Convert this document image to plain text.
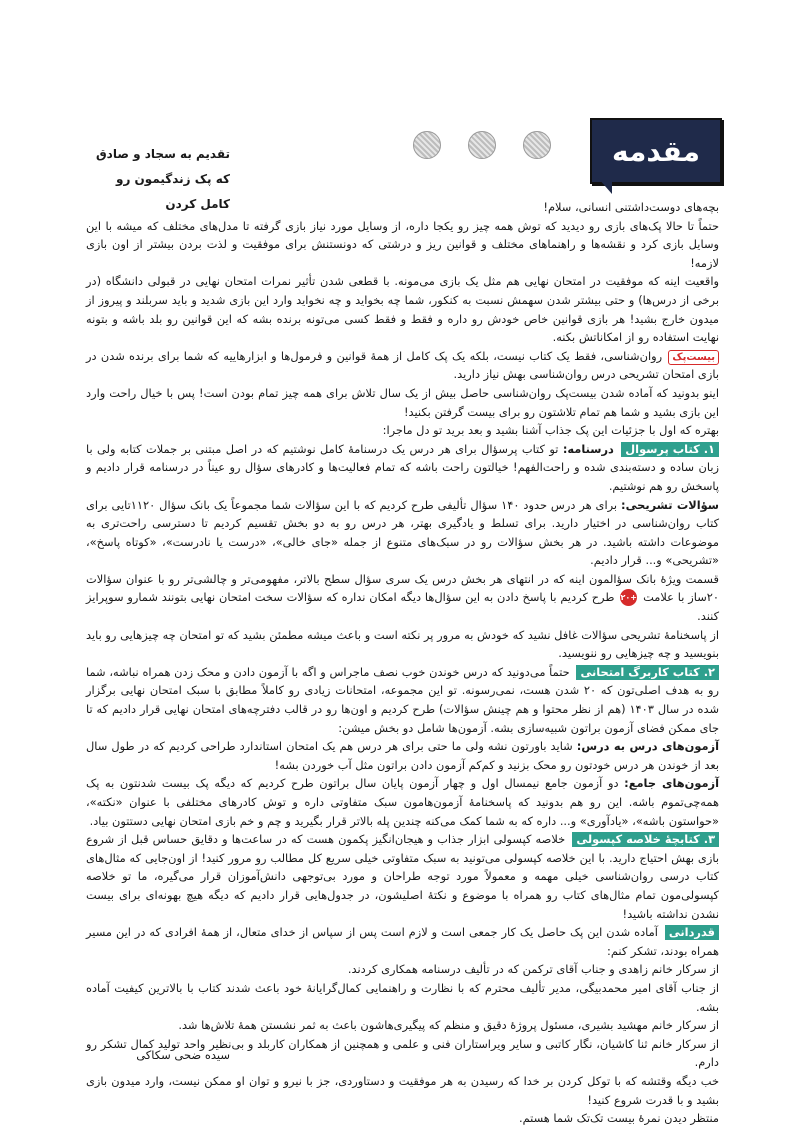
مقدمه
تقدیم به سجاد و صادق
که پک زندگیمون رو کامل کردن	بچه‌های دوست‌داشتنی انسانی، سلام!

حتماً تا حالا پک‌های بازی رو دیدید که توش همه چیز رو یکجا داره، از وسایل مورد نیاز بازی گرفته تا مدل‌های مختلف که میشه با این وسایل بازی کرد و نقشه‌ها و راهنماهای مختلف و قوانین ریز و درشتی که دونستنش برای موفقیت و لذت بردن بیشتر از اون بازی لازمه!

واقعیت اینه که موفقیت در امتحان نهایی هم مثل یک بازی می‌مونه. با قطعی شدن تأثیر نمرات امتحان نهایی در قبولی دانشگاه (در برخی از درس‌ها) و حتی بیشتر شدن سهمش نسبت به کنکور، شما چه بخواید و چه نخواید وارد این بازی شدید و باید سربلند و پیروز از میدون خارج بشید! هر بازی قوانین خاص خودش رو داره و فقط و فقط کسی می‌تونه برنده بشه که این قوانین رو بلد باشه و بتونه نهایت استفاده رو از امکاناتش بکنه.

بیست‌پک روان‌شناسی، فقط یک کتاب نیست، بلکه یک پک کامل از همهٔ قوانین و فرمول‌ها و ابزارهاییه که شما برای برنده شدن در بازی امتحان تشریحی درس روان‌شناسی بهش نیاز دارید.

اینو بدونید که آماده شدن بیست‌پک روان‌شناسی حاصل بیش از یک سال تلاش برای همه چیز تمام بودن است! پس با خیال راحت وارد این بازی بشید و شما هم تمام تلاشتون رو برای بیست گرفتن بکنید!

بهتره که اول با جزئیات این پک جذاب آشنا بشید و بعد برید تو دل ماجرا:

۱. کتاب پرسوال درسنامه: تو کتاب پرسؤال برای هر درس یک درسنامهٔ کامل نوشتیم که در اصل مبتنی بر جملات کتابه ولی با زبان ساده و دسته‌بندی شده و راحت‌الفهم! خیالتون راحت باشه که تمام فعالیت‌ها و کادرهای سؤال رو عیناً در درسنامه قرار دادیم و پاسخش رو هم نوشتیم.

سؤالات تشریحی: برای هر درس حدود ۱۴۰ سؤال تألیفی طرح کردیم که با این سؤالات شما مجموعاً یک بانک سؤال ۱۱۲۰تایی برای کتاب روان‌شناسی در اختیار دارید. برای تسلط و یادگیری بهتر، هر درس رو به دو بخش تقسیم کردیم تا دسترسی راحت‌تری به موضوعات داشته باشید. در هر بخش سؤالات رو در سبک‌های متنوع از جمله «جای خالی»، «درست یا نادرست»، «کوتاه پاسخ»، «تشریحی» و... قرار دادیم.

قسمت ویژهٔ بانک سؤالمون اینه که در انتهای هر بخش درس یک سری سؤال سطح بالاتر، مفهومی‌تر و چالشی‌تر رو با عنوان سؤالات ۲۰ساز با علامت +۲۰ طرح کردیم با پاسخ دادن به این سؤال‌ها دیگه امکان نداره که سؤالات سخت امتحان نهایی بتونند شمارو سوپرایز کنند.

از پاسخنامهٔ تشریحی سؤالات غافل نشید که خودش به مرور پر نکته است و باعث میشه مطمئن بشید که تو امتحان چه چیزهایی رو باید بنویسید و چه چیزهایی رو ننویسید.

۲. کتاب کاربرگ امتحانی حتماً می‌دونید که درس خوندن خوب نصف ماجراس و اگه با آزمون دادن و محک زدن همراه نباشه، شما رو به هدف اصلی‌تون که ۲۰ شدن هست، نمی‌رسونه. تو این مجموعه، امتحانات زیادی رو کاملاً مطابق با سبک امتحان نهایی برگزار شده در سال ۱۴۰۳ (هم از نظر محتوا و هم چینش سؤالات) طرح کردیم و اون‌ها رو در قالب دفترچه‌های امتحان نهایی قرار دادیم که تا جای ممکن فضای آزمون براتون شبیه‌سازی بشه. آزمون‌ها شامل دو بخش میشن:

آزمون‌های درس به درس: شاید باورتون نشه ولی ما حتی برای هر درس هم یک امتحان استاندارد طراحی کردیم که در طول سال بعد از خوندن هر درس خودتون رو محک بزنید و کم‌کم آزمون دادن براتون مثل آب خوردن بشه!

آزمون‌های جامع: دو آزمون جامع نیمسال اول و چهار آزمون پایان سال براتون طرح کردیم که دیگه پک بیست شدنتون به پک همه‌چی‌تموم باشه. این رو هم بدونید که پاسخنامهٔ آزمون‌هامون سبک متفاوتی داره و توش کادرهای مختلفی با عنوان «نکته»، «حواستون باشه»، «یادآوری» و... داره که به شما کمک می‌کنه چندین پله بالاتر قرار بگیرید و چم و خم بازی امتحان نهایی دستتون بیاد.

۳. کتابچهٔ خلاصه کپسولی خلاصه کپسولی ابزار جذاب و هیجان‌انگیز پکمون هست که در ساعت‌ها و دقایق حساس قبل از شروع بازی بهش احتیاج دارید. با این خلاصه کپسولی می‌تونید به سبک متفاوتی خیلی سریع کل مطالب رو مرور کنید! از اون‌جایی که مثال‌های کتاب درسی روان‌شناسی خیلی مهمه و معمولاً مورد توجه طراحان و مورد بی‌توجهی دانش‌آموزان قرار می‌گیره، ما تو خلاصه کپسولی‌مون تمام مثال‌های کتاب رو همراه با موضوع و نکتهٔ اصلیشون، در جدول‌هایی قرار دادیم که دیگه هیچ بهونه‌ای برای بیست نشدن نداشته باشید!

قدردانی آماده شدن این پک حاصل یک کار جمعی است و لازم است پس از سپاس از خدای متعال، از همهٔ افرادی که در این مسیر همراه بودند، تشکر کنم:

از سرکار خانم زاهدی و جناب آقای ترکمن که در تألیف درسنامه همکاری کردند.

از جناب آقای امیر محمدبیگی، مدیر تألیف محترم که با نظارت و راهنمایی کمال‌گرایانهٔ خود باعث شدند کتاب با بالاترین کیفیت آماده بشه.

از سرکار خانم مهشید بشیری، مسئول پروژهٔ دقیق و منظم که پیگیری‌هاشون باعث به ثمر نشستن همهٔ تلاش‌ها شد.

از سرکار خانم ثنا کاشیان، نگار کاتبی و سایر ویراستاران فنی و علمی و همچنین از همکاران کاربلد و بی‌نظیر واحد تولید کمال تشکر رو دارم.

خب دیگه وقتشه که با توکل کردن بر خدا که رسیدن به هر موفقیت و دستاوردی، جز با نیرو و توان او ممکن نیست، وارد میدون بازی بشید و با قدرت شروع کنید!

منتظر دیدن نمرهٔ بیست تک‌تک شما هستم.

سیده ضحی سکاکی
